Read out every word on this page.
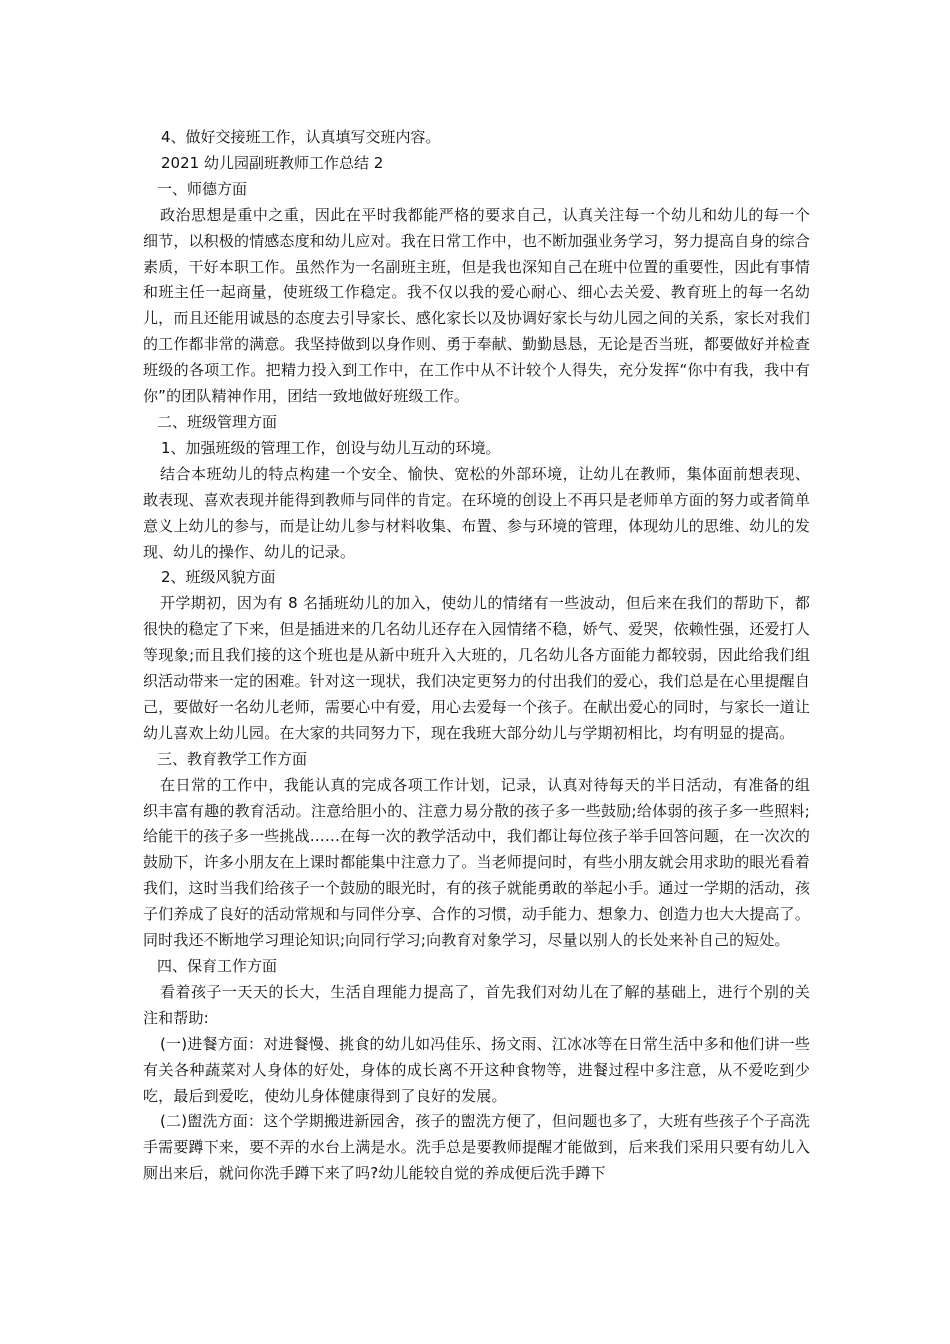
4、做好交接班工作，认真填写交班内容。

2021 幼儿园副班教师工作总结 2

一、师德方面

政治思想是重中之重，因此在平时我都能严格的要求自己，认真关注每一个幼儿和幼儿的每一个细节，以积极的情感态度和幼儿应对。我在日常工作中，也不断加强业务学习，努力提高自身的综合素质，干好本职工作。虽然作为一名副班主班，但是我也深知自己在班中位置的重要性，因此有事情和班主任一起商量，使班级工作稳定。我不仅以我的爱心耐心、细心去关爱、教育班上的每一名幼儿，而且还能用诚恳的态度去引导家长、感化家长以及协调好家长与幼儿园之间的关系，家长对我们的工作都非常的满意。我坚持做到以身作则、勇于奉献、勤勤恳恳，无论是否当班，都要做好并检查班级的各项工作。把精力投入到工作中，在工作中从不计较个人得失，充分发挥“你中有我，我中有你”的团队精神作用，团结一致地做好班级工作。

二、班级管理方面

1、加强班级的管理工作，创设与幼儿互动的环境。

结合本班幼儿的特点构建一个安全、愉快、宽松的外部环境，让幼儿在教师，集体面前想表现、敢表现、喜欢表现并能得到教师与同伴的肯定。在环境的创设上不再只是老师单方面的努力或者简单意义上幼儿的参与，而是让幼儿参与材料收集、布置、参与环境的管理，体现幼儿的思维、幼儿的发现、幼儿的操作、幼儿的记录。

2、班级风貌方面

开学期初，因为有 8 名插班幼儿的加入，使幼儿的情绪有一些波动，但后来在我们的帮助下，都很快的稳定了下来，但是插进来的几名幼儿还存在入园情绪不稳，娇气、爱哭，依赖性强，还爱打人等现象;而且我们接的这个班也是从新中班升入大班的，几名幼儿各方面能力都较弱，因此给我们组织活动带来一定的困难。针对这一现状，我们决定更努力的付出我们的爱心，我们总是在心里提醒自己，要做好一名幼儿老师，需要心中有爱，用心去爱每一个孩子。在献出爱心的同时，与家长一道让幼儿喜欢上幼儿园。在大家的共同努力下，现在我班大部分幼儿与学期初相比，均有明显的提高。

三、教育教学工作方面

在日常的工作中，我能认真的完成各项工作计划，记录，认真对待每天的半日活动，有准备的组织丰富有趣的教育活动。注意给胆小的、注意力易分散的孩子多一些鼓励;给体弱的孩子多一些照料;给能干的孩子多一些挑战……在每一次的教学活动中，我们都让每位孩子举手回答问题，在一次次的鼓励下，许多小朋友在上课时都能集中注意力了。当老师提问时，有些小朋友就会用求助的眼光看着我们，这时当我们给孩子一个鼓励的眼光时，有的孩子就能勇敢的举起小手。通过一学期的活动，孩子们养成了良好的活动常规和与同伴分享、合作的习惯，动手能力、想象力、创造力也大大提高了。同时我还不断地学习理论知识;向同行学习;向教育对象学习，尽量以别人的长处来补自己的短处。

四、保育工作方面

看着孩子一天天的长大，生活自理能力提高了，首先我们对幼儿在了解的基础上，进行个别的关注和帮助:

(一)进餐方面：对进餐慢、挑食的幼儿如冯佳乐、扬文雨、江冰冰等在日常生活中多和他们讲一些有关各种蔬菜对人身体的好处，身体的成长离不开这种食物等，进餐过程中多注意，从不爱吃到少吃，最后到爱吃，使幼儿身体健康得到了良好的发展。

(二)盥洗方面：这个学期搬进新园舍，孩子的盥洗方便了，但问题也多了，大班有些孩子个子高洗手需要蹲下来，要不弄的水台上满是水。洗手总是要教师提醒才能做到，后来我们采用只要有幼儿入厕出来后，就问你洗手蹲下来了吗?幼儿能较自觉的养成便后洗手蹲下
